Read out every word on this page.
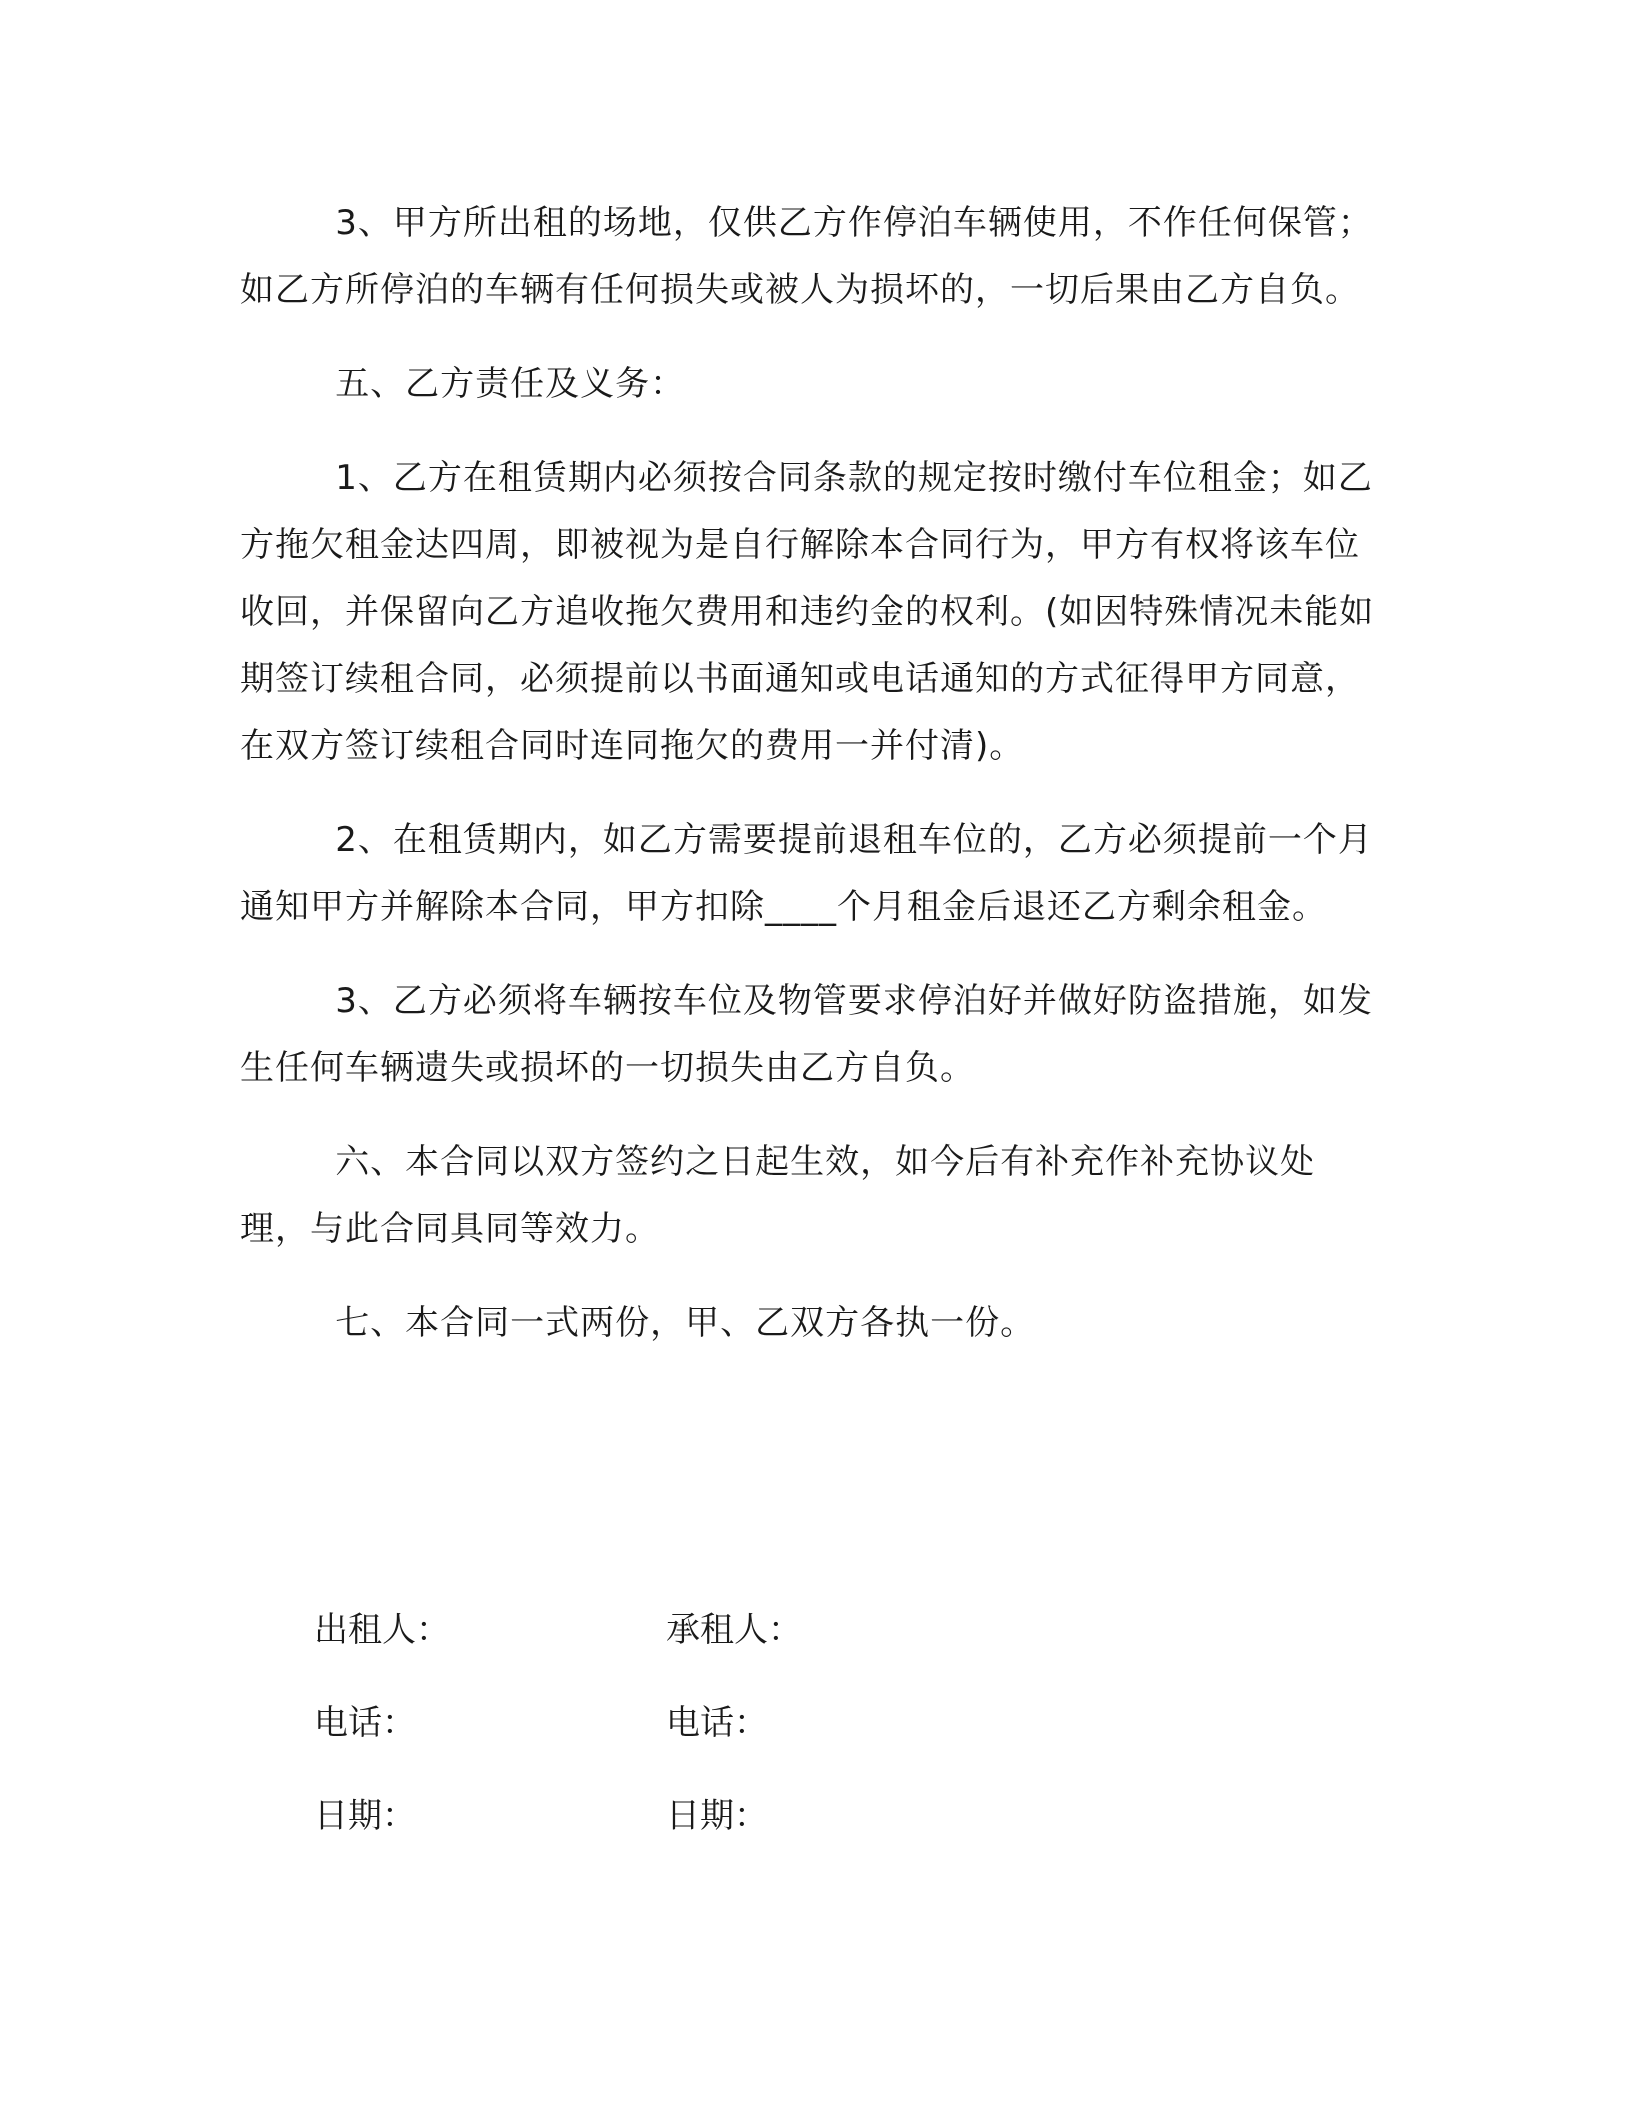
3、甲方所出租的场地，仅供乙方作停泊车辆使用，不作任何保管；如乙方所停泊的车辆有任何损失或被人为损坏的，一切后果由乙方自负。

五、乙方责任及义务：

1、乙方在租赁期内必须按合同条款的规定按时缴付车位租金；如乙方拖欠租金达四周，即被视为是自行解除本合同行为，甲方有权将该车位收回，并保留向乙方追收拖欠费用和违约金的权利。(如因特殊情况未能如期签订续租合同，必须提前以书面通知或电话通知的方式征得甲方同意，在双方签订续租合同时连同拖欠的费用一并付清)。

2、在租赁期内，如乙方需要提前退租车位的，乙方必须提前一个月通知甲方并解除本合同，甲方扣除____个月租金后退还乙方剩余租金。

3、乙方必须将车辆按车位及物管要求停泊好并做好防盗措施，如发生任何车辆遗失或损坏的一切损失由乙方自负。

六、本合同以双方签约之日起生效，如今后有补充作补充协议处理，与此合同具同等效力。

七、本合同一式两份，甲、乙双方各执一份。

出租人：	承租人：
电话：	电话：
日期：	日期：
